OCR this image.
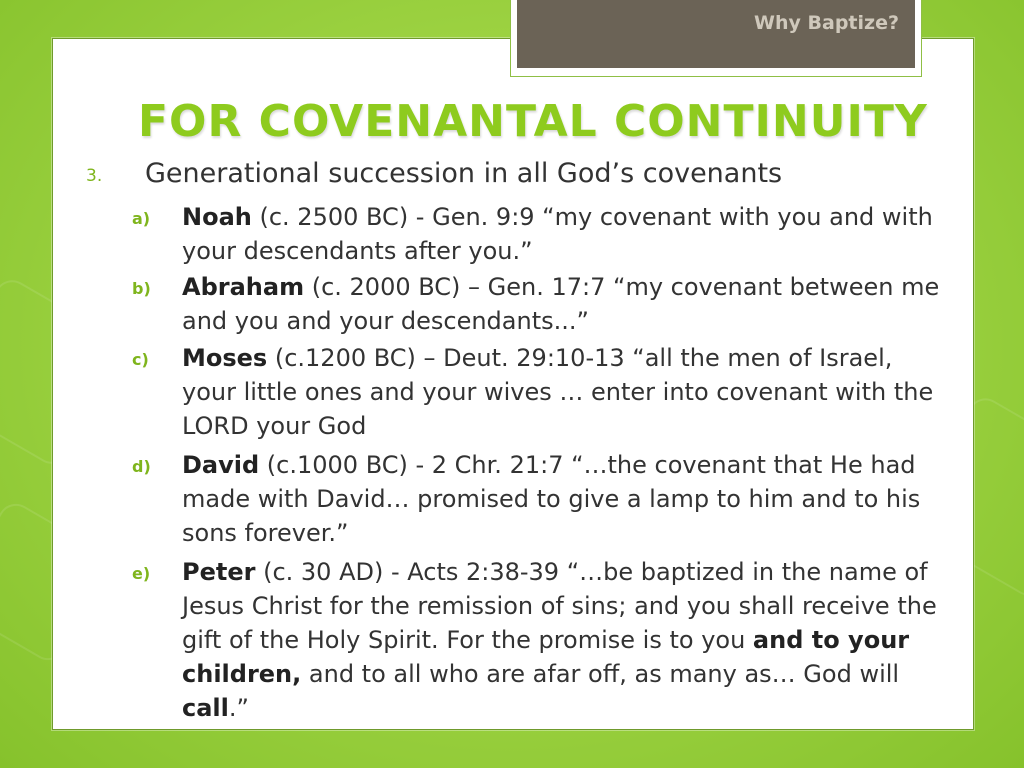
Why Baptize?
FOR COVENANTAL CONTINUITY
3. Generational succession in all God’s covenants
a) Noah (c. 2500 BC) - Gen. 9:9 “my covenant with you and with your descendants after you.”
b) Abraham (c. 2000 BC) – Gen. 17:7 “my covenant between me and you and your descendants...”
c) Moses (c.1200 BC) – Deut. 29:10-13 “all the men of Israel, your little ones and your wives … enter into covenant with the LORD your God
d) David (c.1000 BC) - 2 Chr. 21:7 “…the covenant that He had made with David… promised to give a lamp to him and to his sons forever.”
e) Peter (c. 30 AD) - Acts 2:38-39 “…be baptized in the name of Jesus Christ for the remission of sins; and you shall receive the gift of the Holy Spirit. For the promise is to you and to your children, and to all who are afar off, as many as… God will call.”
